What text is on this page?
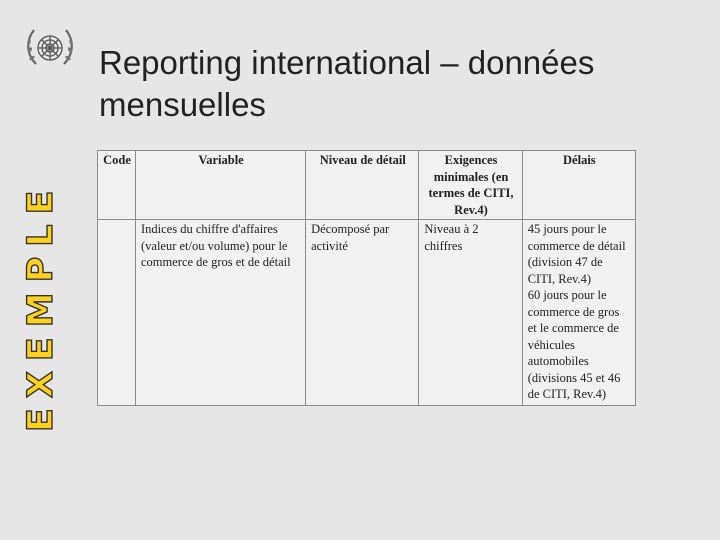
EXEMPLE
Reporting international – données
mensuelles
Code	Variable	Niveau de détail	Exigences minimales (en termes de CITI, Rev.4)	Délais
	Indices du chiffre d'affaires (valeur et/ou volume) pour le commerce de gros et de détail	Décomposé par activité	Niveau à 2 chiffres	45 jours pour le commerce de détail (division 47 de CITI, Rev.4)
60 jours pour le commerce de gros et le commerce de véhicules automobiles (divisions 45 et 46 de CITI, Rev.4)
